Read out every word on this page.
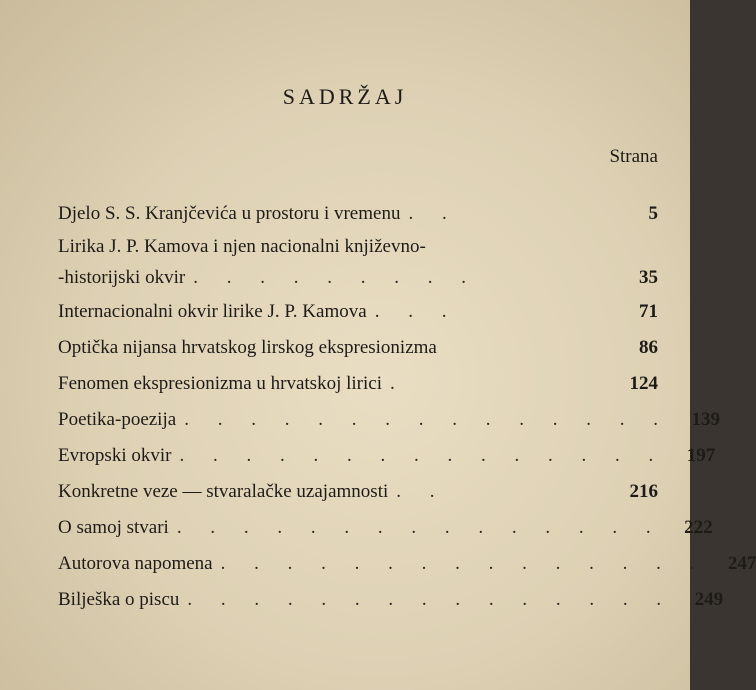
SADRŽAJ
Strana
Djelo S. S. Kranjčevića u prostoru i vremenu . .	5
Lirika J. P. Kamova i njen nacionalni književno-
-historijski okvir . . . . . . . . .	35
Internacionalni okvir lirike J. P. Kamova . . .	71
Optička nijansa hrvatskog lirskog ekspresionizma	86
Fenomen ekspresionizma u hrvatskoj lirici .	124
Poetika-poezija . . . . . . . . . . . . . . .	139
Evropski okvir . . . . . . . . . . . . . . .	197
Konkretne veze — stvaralačke uzajamnosti . .	216
O samoj stvari . . . . . . . . . . . . . . .	222
Autorova napomena . . . . . . . . . . . . . . .	247
Bilješka o piscu . . . . . . . . . . . . . . .	249
